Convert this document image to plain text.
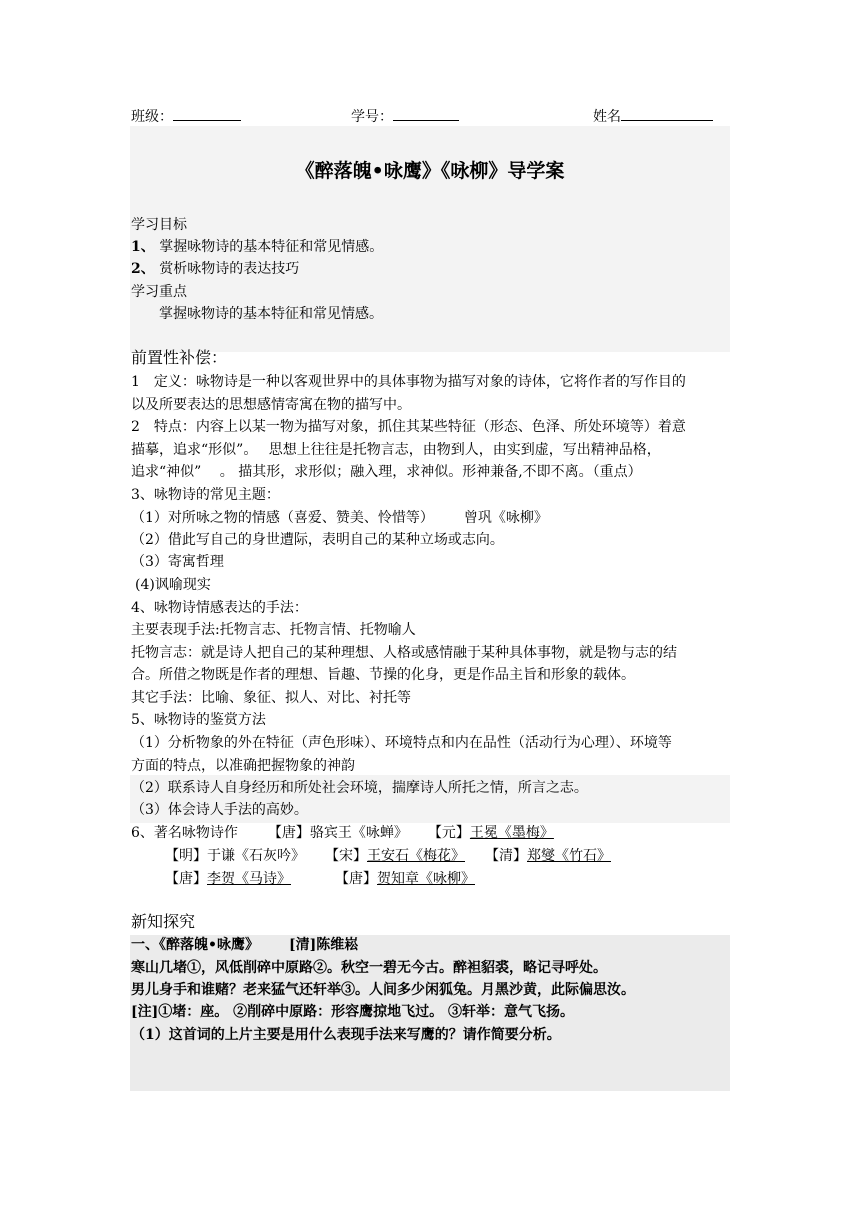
班级：	学号：	姓名
《醉落魄•咏鹰》《咏柳》导学案
学习目标
1、 掌握咏物诗的基本特征和常见情感。
2、 赏析咏物诗的表达技巧
学习重点
掌握咏物诗的基本特征和常见情感。
前置性补偿：
1　定义：咏物诗是一种以客观世界中的具体事物为描写对象的诗体，它将作者的写作目的
以及所要表达的思想感情寄寓在物的描写中。
2　特点：内容上以某一物为描写对象，抓住其某些特征（形态、色泽、所处环境等）着意
描摹，追求“形似”。　 思想上往往是托物言志，由物到人，由实到虚，写出精神品格，
追求“神似”　 。 描其形，求形似；融入理，求神似。形神兼备,不即不离。（重点）
3、咏物诗的常见主题：
（1）对所咏之物的情感（喜爱、赞美、怜惜等） 曾巩《咏柳》
（2）借此写自己的身世遭际，表明自己的某种立场或志向。
（3）寄寓哲理
(4)讽喻现实
4、咏物诗情感表达的手法：
主要表现手法:托物言志、托物言情、托物喻人
托物言志：就是诗人把自己的某种理想、人格或感情融于某种具体事物，就是物与志的结
合。所借之物既是作者的理想、旨趣、节操的化身，更是作品主旨和形象的载体。
其它手法：比喻、象征、拟人、对比、衬托等
5、咏物诗的鉴赏方法
（1）分析物象的外在特征（声色形味）、环境特点和内在品性（活动行为心理）、环境等
方面的特点，以准确把握物象的神韵
（2）联系诗人自身经历和所处社会环境，揣摩诗人所托之情，所言之志。
（3）体会诗人手法的高妙。
6、著名咏物诗作 【唐】骆宾王《咏蝉》 【元】王冕《墨梅》
【明】于谦《石灰吟》 【宋】王安石《梅花》 【清】郑燮《竹石》
【唐】李贺《马诗》	【唐】贺知章《咏柳》
新知探究
一、《醉落魄•咏鹰》 [清]陈维崧
寒山几堵①，风低削碎中原路②。秋空一碧无今古。醉袒貂裘，略记寻呼处。
男儿身手和谁赌？老来猛气还轩举③。人间多少闲狐兔。月黑沙黄，此际偏思汝。
[注]①堵：座。 ②削碎中原路：形容鹰掠地飞过。 ③轩举：意气飞扬。
（1）这首词的上片主要是用什么表现手法来写鹰的？请作简要分析。
